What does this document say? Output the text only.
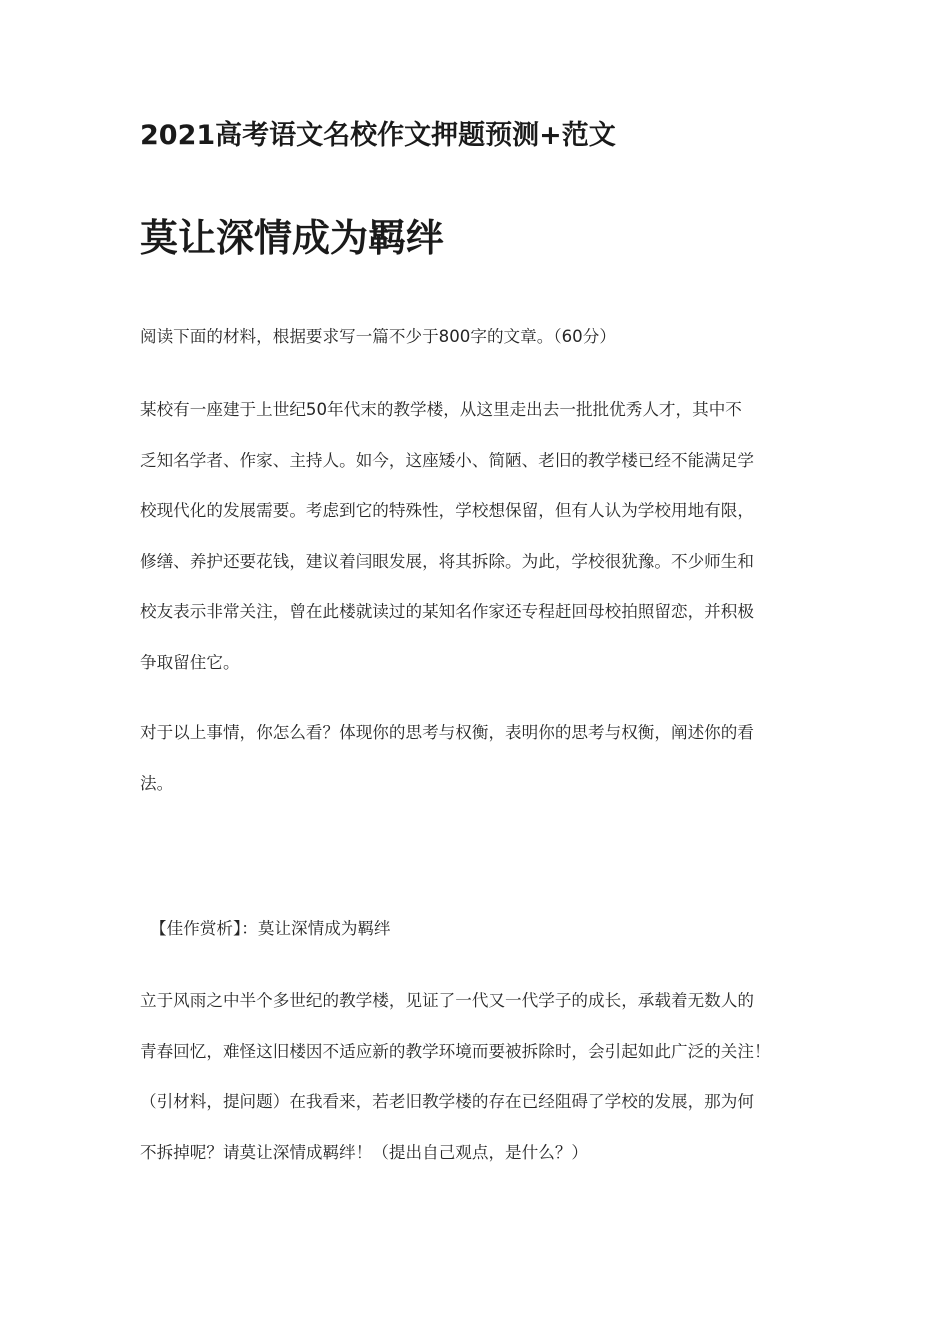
2021高考语文名校作文押题预测+范文
莫让深情成为羁绊

阅读下面的材料，根据要求写一篇不少于800字的文章。（60分）

某校有一座建于上世纪50年代末的教学楼，从这里走出去一批批优秀人才，其中不
乏知名学者、作家、主持人。如今，这座矮小、简陋、老旧的教学楼已经不能满足学
校现代化的发展需要。考虑到它的特殊性，学校想保留，但有人认为学校用地有限，
修缮、养护还要花钱，建议着闫眼发展，将其拆除。为此，学校很犹豫。不少师生和
校友表示非常关注，曾在此楼就读过的某知名作家还专程赶回母校拍照留恋，并积极
争取留住它。

对于以上事情，你怎么看？体现你的思考与权衡，表明你的思考与权衡，阐述你的看
法。

【佳作赏析】：莫让深情成为羁绊

立于风雨之中半个多世纪的教学楼，见证了一代又一代学子的成长，承载着无数人的
青春回忆，难怪这旧楼因不适应新的教学环境而要被拆除时，会引起如此广泛的关注！
（引材料，提问题）在我看来，若老旧教学楼的存在已经阻碍了学校的发展，那为何
不拆掉呢？请莫让深情成羁绊！（提出自己观点，是什么？）
